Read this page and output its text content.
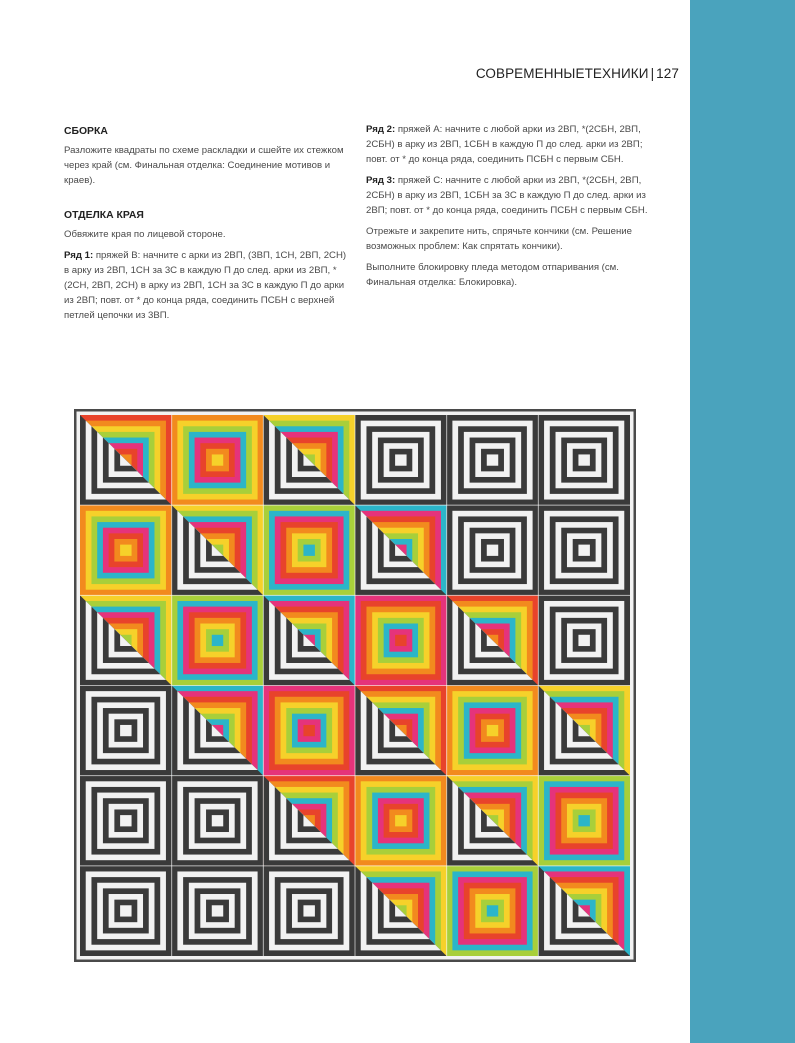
СОВРЕМЕННЫЕТЕХНИКИ | 127
СБОРКА

Разложите квадраты по схеме раскладки и сшейте их стежком через край (см. Финальная отделка: Соединение мотивов и краев).

ОТДЕЛКА КРАЯ

Обвяжите края по лицевой стороне.

Ряд 1: пряжей B: начните с арки из 2ВП, (3ВП, 1СН, 2ВП, 2СН) в арку из 2ВП, 1СН за 3С в каждую П до след. арки из 2ВП, *(2СН, 2ВП, 2СН) в арку из 2ВП, 1СН за 3С в каждую П до арки из 2ВП; повт. от * до конца ряда, соединить ПСБН с верхней петлей цепочки из 3ВП.

Ряд 2: пряжей A: начните с любой арки из 2ВП, *(2СБН, 2ВП, 2СБН) в арку из 2ВП, 1СБН в каждую П до след. арки из 2ВП; повт. от * до конца ряда, соединить ПСБН с первым СБН.

Ряд 3: пряжей C: начните с любой арки из 2ВП, *(2СБН, 2ВП, 2СБН) в арку из 2ВП, 1СБН за 3С в каждую П до след. арки из 2ВП; повт. от * до конца ряда, соединить ПСБН с первым СБН.

Отрежьте и закрепите нить, спрячьте кончики (см. Решение возможных проблем: Как спрятать кончики).

Выполните блокировку пледа методом отпаривания (см. Финальная отделка: Блокировка).
